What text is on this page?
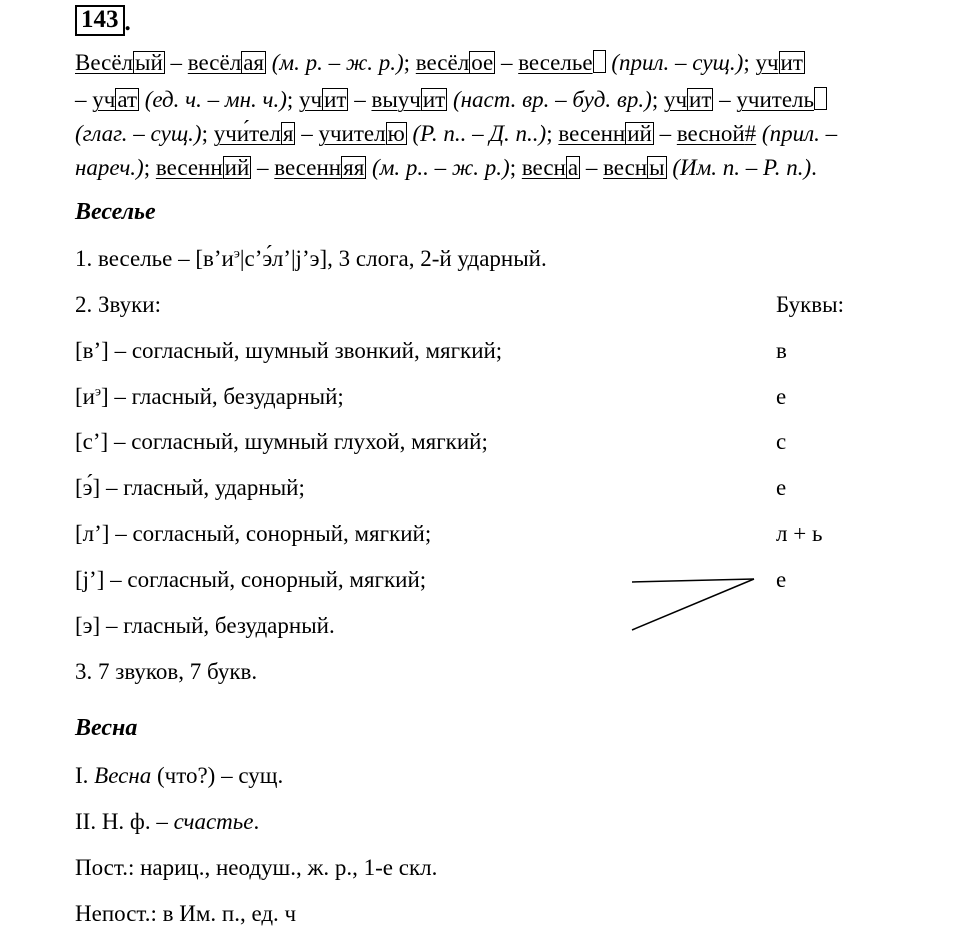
143 .
Весёлый – весёлая (м. р. – ж. р.); весёлое – веселье (прил. – сущ.); учит
– учат (ед. ч. – мн. ч.); учит – выучит (наст. вр. – буд. вр.); учит – учитель
(глаг. – сущ.); учи́теля – учителю (Р. п.. – Д. п..); весенний – весной# (прил. –
нареч.); весенний – весенняя (м. р.. – ж. р.); весна – весны (Им. п. – Р. п.).
Веселье
1. веселье – $[в’и^э|с’э́л’|j’э]$, 3 слога, 2-й ударный.
2. Звуки:	Буквы:
[в’] – согласный, шумный звонкий, мягкий;	в
$[и^э]$ – гласный, безударный;	е
[с’] – согласный, шумный глухой, мягкий;	с
[э́] – гласный, ударный;	е
[л’] – согласный, сонорный, мягкий;	л + ь
[j’] – согласный, сонорный, мягкий;	е
[э] – гласный, безударный.
3. 7 звуков, 7 букв.
Весна
I. Весна (что?) – сущ.
II. Н. ф. – счастье.
Пост.: нариц., неодуш., ж. р., 1-е скл.
Непост.: в Им. п., ед. ч
